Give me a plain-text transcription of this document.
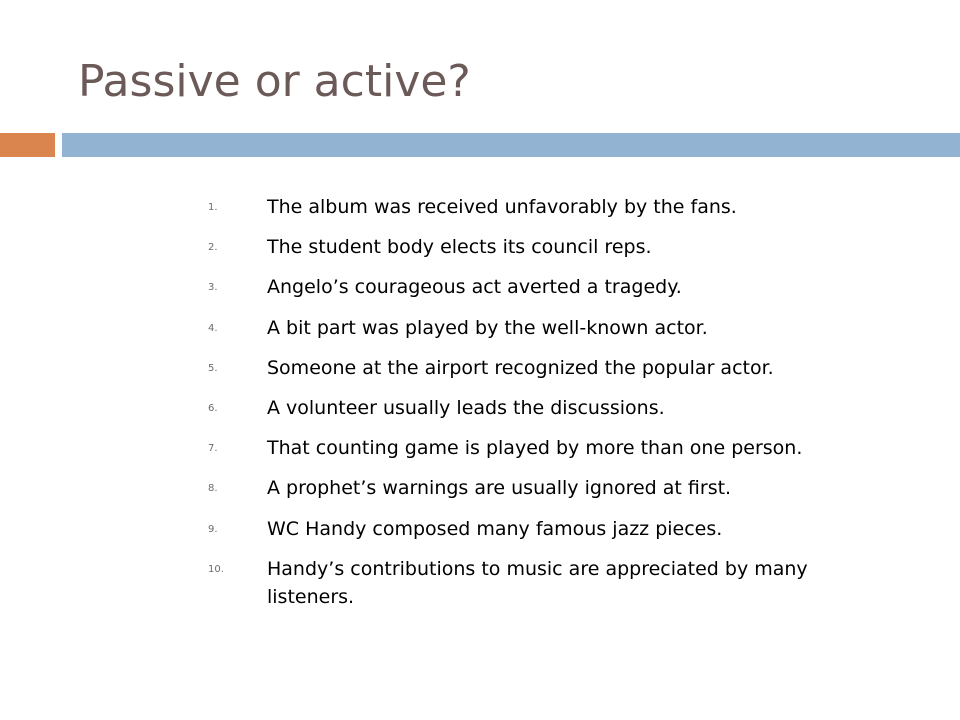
Passive or active?
1.	The album was received unfavorably by the fans.
2.	The student body elects its council reps.
3.	Angelo’s courageous act averted a tragedy.
4.	A bit part was played by the well-known actor.
5.	Someone at the airport recognized the popular actor.
6.	A volunteer usually leads the discussions.
7.	That counting game is played by more than one person.
8.	A prophet’s warnings are usually ignored at first.
9.	WC Handy composed many famous jazz pieces.
10. Handy’s contributions to music are appreciated by many listeners.
